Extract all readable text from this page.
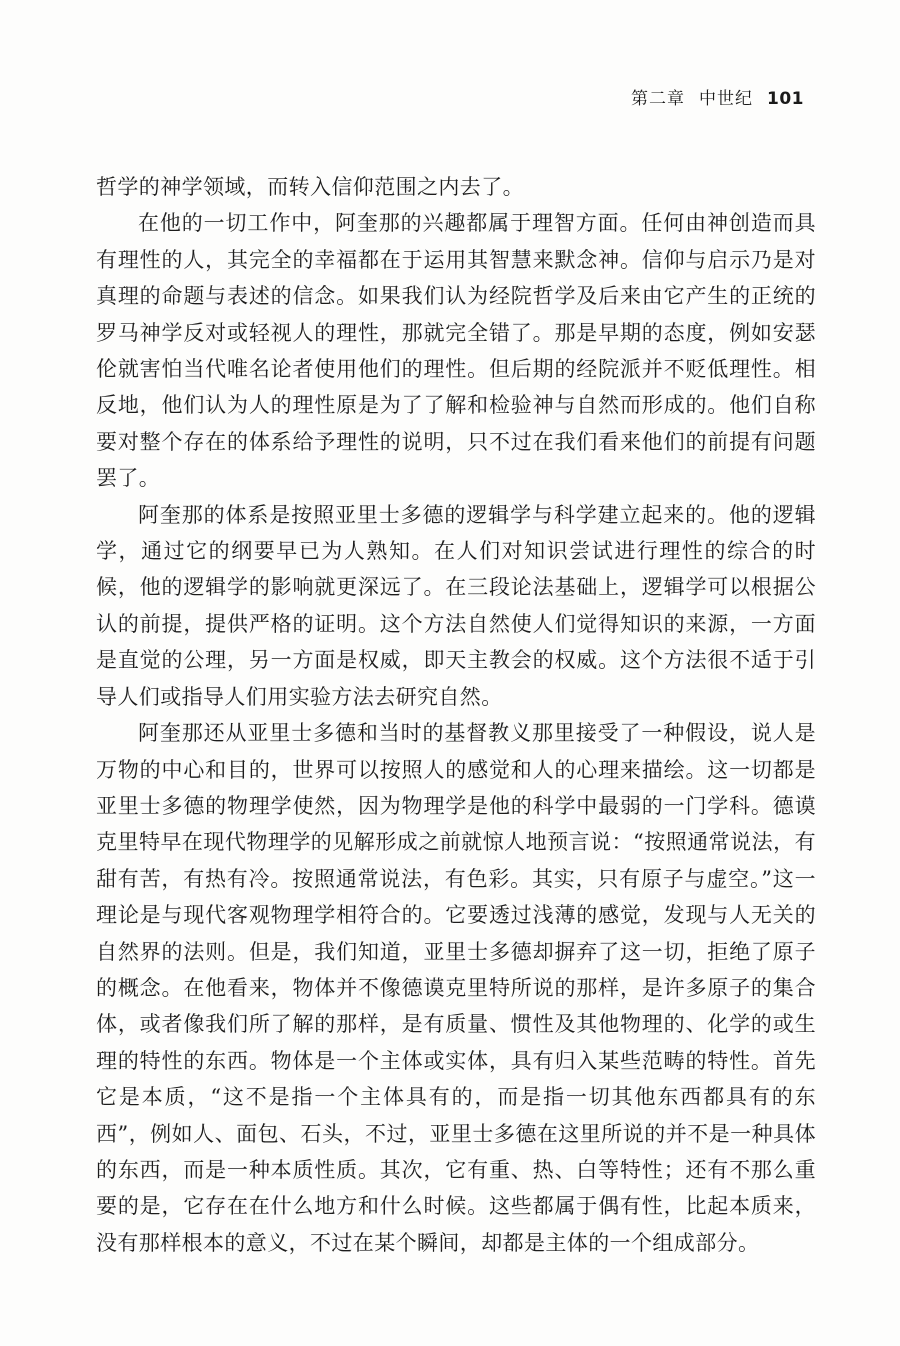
第二章 中世纪 101

哲学的神学领域，而转入信仰范围之内去了。

在他的一切工作中，阿奎那的兴趣都属于理智方面。任何由神创造而具有理性的人，其完全的幸福都在于运用其智慧来默念神。信仰与启示乃是对真理的命题与表述的信念。如果我们认为经院哲学及后来由它产生的正统的罗马神学反对或轻视人的理性，那就完全错了。那是早期的态度，例如安瑟伦就害怕当代唯名论者使用他们的理性。但后期的经院派并不贬低理性。相反地，他们认为人的理性原是为了了解和检验神与自然而形成的。他们自称要对整个存在的体系给予理性的说明，只不过在我们看来他们的前提有问题罢了。

阿奎那的体系是按照亚里士多德的逻辑学与科学建立起来的。他的逻辑学，通过它的纲要早已为人熟知。在人们对知识尝试进行理性的综合的时候，他的逻辑学的影响就更深远了。在三段论法基础上，逻辑学可以根据公认的前提，提供严格的证明。这个方法自然使人们觉得知识的来源，一方面是直觉的公理，另一方面是权威，即天主教会的权威。这个方法很不适于引导人们或指导人们用实验方法去研究自然。

阿奎那还从亚里士多德和当时的基督教义那里接受了一种假设，说人是万物的中心和目的，世界可以按照人的感觉和人的心理来描绘。这一切都是亚里士多德的物理学使然，因为物理学是他的科学中最弱的一门学科。德谟克里特早在现代物理学的见解形成之前就惊人地预言说：“按照通常说法，有甜有苦，有热有冷。按照通常说法，有色彩。其实，只有原子与虚空。”这一理论是与现代客观物理学相符合的。它要透过浅薄的感觉，发现与人无关的自然界的法则。但是，我们知道，亚里士多德却摒弃了这一切，拒绝了原子的概念。在他看来，物体并不像德谟克里特所说的那样，是许多原子的集合体，或者像我们所了解的那样，是有质量、惯性及其他物理的、化学的或生理的特性的东西。物体是一个主体或实体，具有归入某些范畴的特性。首先它是本质，“这不是指一个主体具有的，而是指一切其他东西都具有的东西”，例如人、面包、石头，不过，亚里士多德在这里所说的并不是一种具体的东西，而是一种本质性质。其次，它有重、热、白等特性；还有不那么重要的是，它存在在什么地方和什么时候。这些都属于偶有性，比起本质来，没有那样根本的意义，不过在某个瞬间，却都是主体的一个组成部分。
